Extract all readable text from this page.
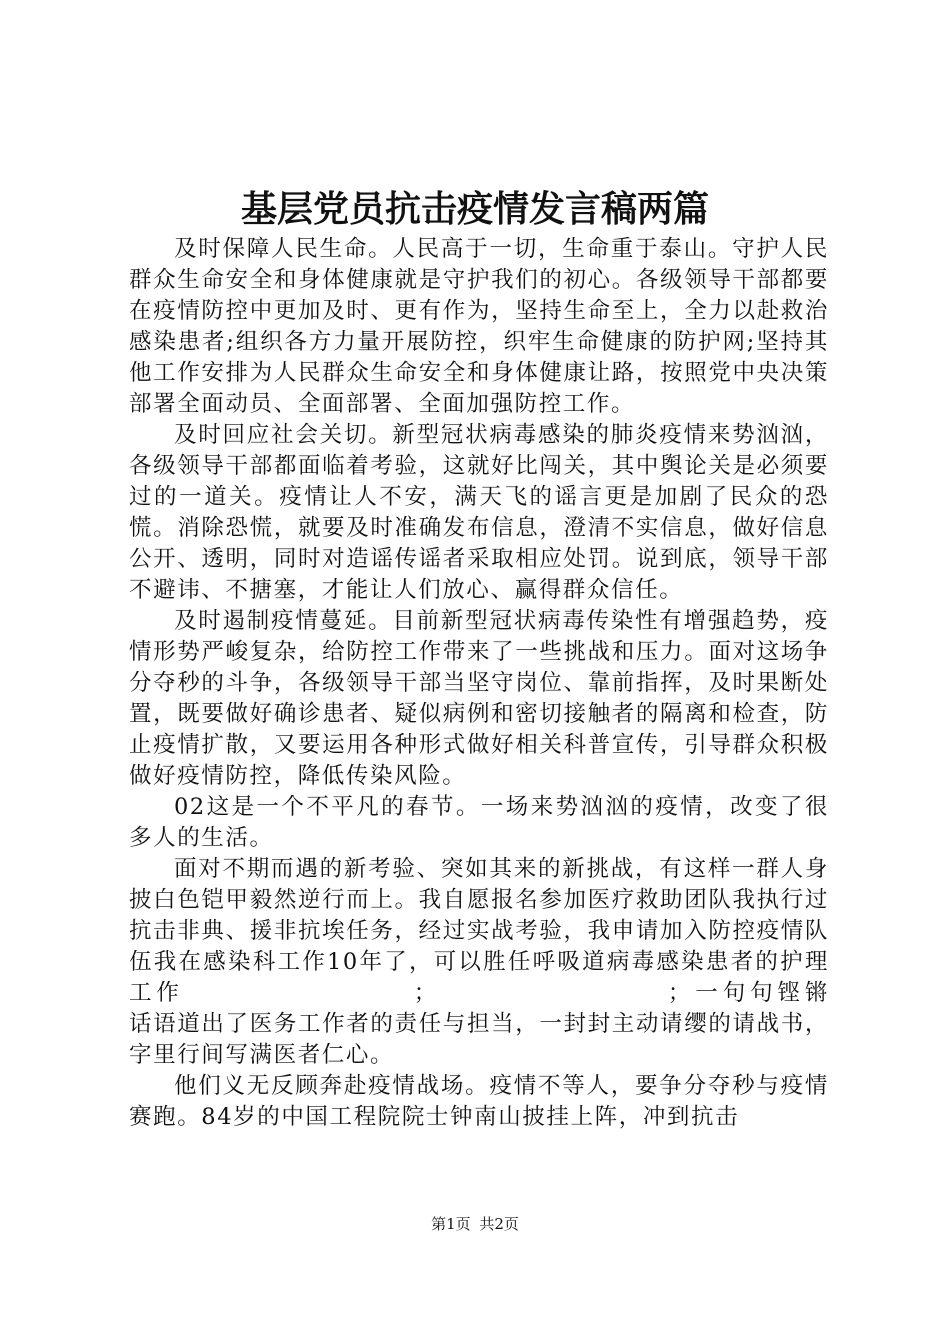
基层党员抗击疫情发言稿两篇

及时保障人民生命。人民高于一切，生命重于泰山。守护人民群众生命安全和身体健康就是守护我们的初心。各级领导干部都要在疫情防控中更加及时、更有作为，坚持生命至上，全力以赴救治感染患者;组织各方力量开展防控，织牢生命健康的防护网;坚持其他工作安排为人民群众生命安全和身体健康让路，按照党中央决策部署全面动员、全面部署、全面加强防控工作。

及时回应社会关切。新型冠状病毒感染的肺炎疫情来势汹汹，各级领导干部都面临着考验，这就好比闯关，其中舆论关是必须要过的一道关。疫情让人不安，满天飞的谣言更是加剧了民众的恐慌。消除恐慌，就要及时准确发布信息，澄清不实信息，做好信息公开、透明，同时对造谣传谣者采取相应处罚。说到底，领导干部不避讳、不搪塞，才能让人们放心、赢得群众信任。

及时遏制疫情蔓延。目前新型冠状病毒传染性有增强趋势，疫情形势严峻复杂，给防控工作带来了一些挑战和压力。面对这场争分夺秒的斗争，各级领导干部当坚守岗位、靠前指挥，及时果断处置，既要做好确诊患者、疑似病例和密切接触者的隔离和检查，防止疫情扩散，又要运用各种形式做好相关科普宣传，引导群众积极做好疫情防控，降低传染风险。

02这是一个不平凡的春节。一场来势汹汹的疫情，改变了很多人的生活。

面对不期而遇的新考验、突如其来的新挑战，有这样一群人身披白色铠甲毅然逆行而上。我自愿报名参加医疗救助团队我执行过抗击非典、援非抗埃任务，经过实战考验，我申请加入防控疫情队伍我在感染科工作10年了，可以胜任呼吸道病毒感染患者的护理工作	；	；一句句铿锵话语道出了医务工作者的责任与担当，一封封主动请缨的请战书，字里行间写满医者仁心。

他们义无反顾奔赴疫情战场。疫情不等人，要争分夺秒与疫情赛跑。84岁的中国工程院院士钟南山披挂上阵，冲到抗击

第1页 共2页
